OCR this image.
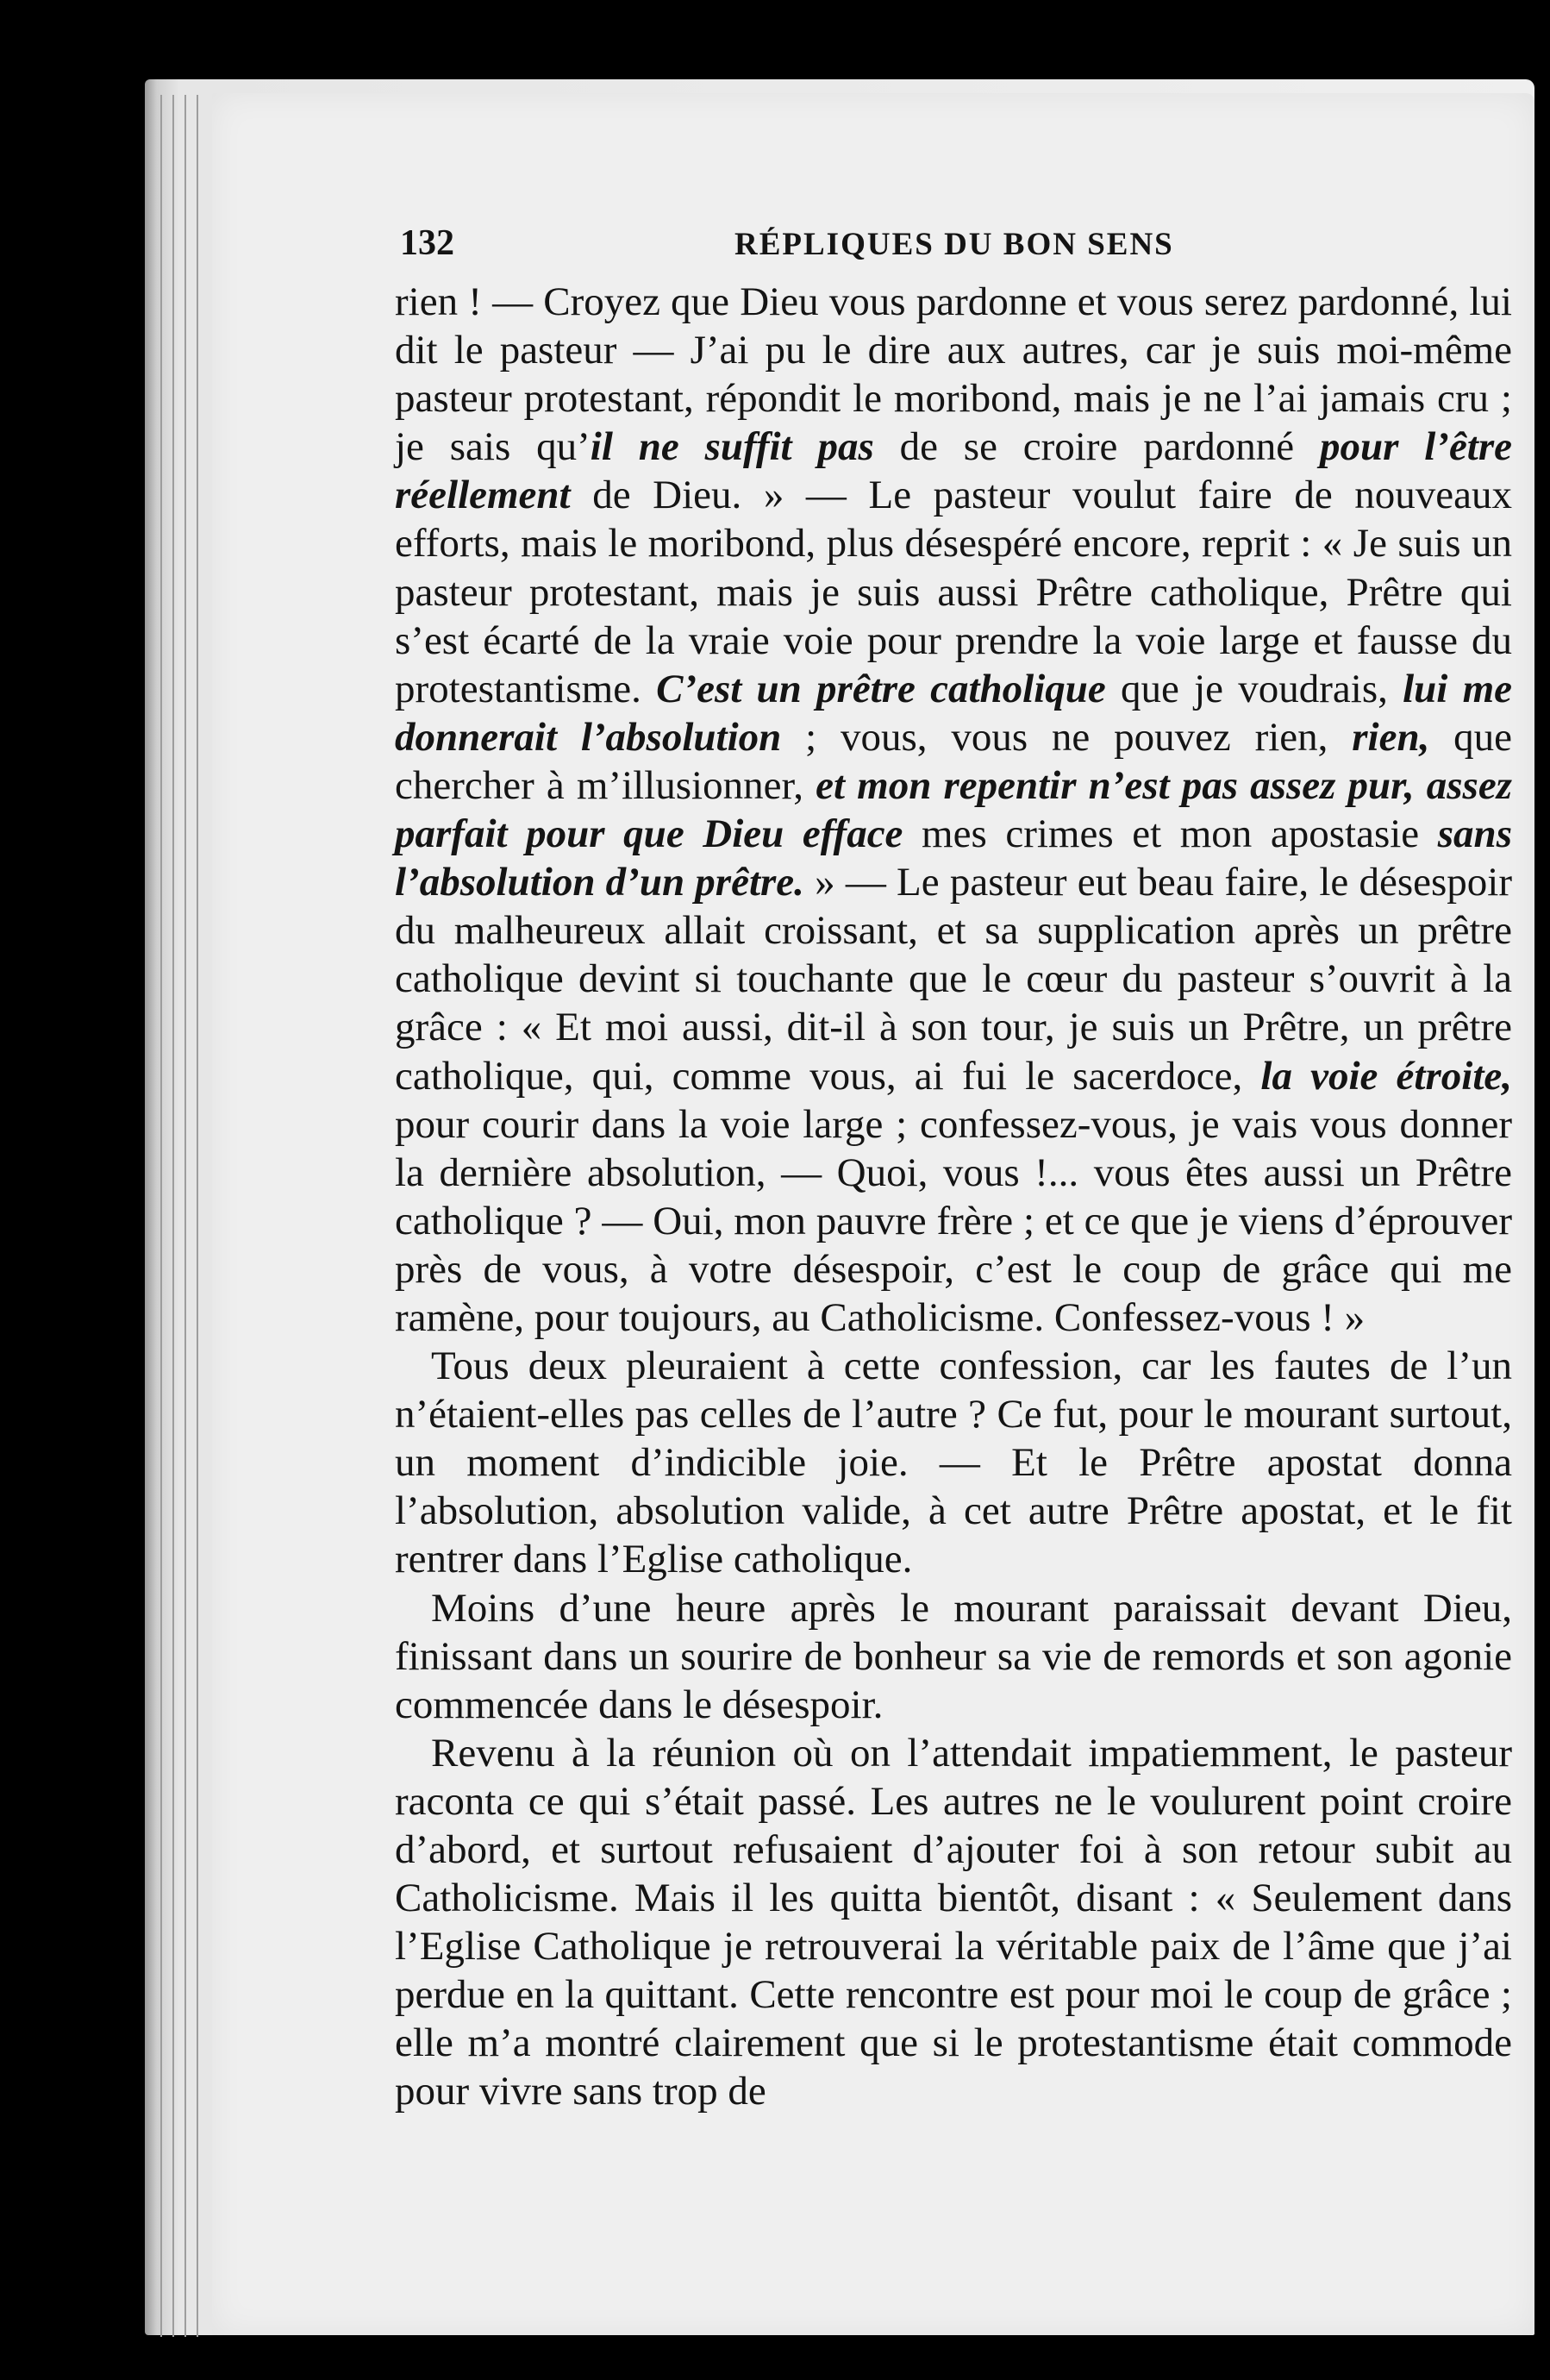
132	RÉPLIQUES DU BON SENS

rien ! — Croyez que Dieu vous pardonne et vous serez pardonné, lui dit le pasteur — J’ai pu le dire aux autres, car je suis moi-même pasteur protestant, répondit le moribond, mais je ne l’ai jamais cru ; je sais qu’il ne suffit pas de se croire pardonné pour l’être réellement de Dieu. » — Le pasteur voulut faire de nouveaux efforts, mais le moribond, plus désespéré encore, reprit : « Je suis un pasteur protestant, mais je suis aussi Prêtre catholique, Prêtre qui s’est écarté de la vraie voie pour prendre la voie large et fausse du protestantisme. C’est un prêtre catholique que je voudrais, lui me donnerait l’absolution ; vous, vous ne pouvez rien, rien, que chercher à m’illusionner, et mon repentir n’est pas assez pur, assez parfait pour que Dieu efface mes crimes et mon apostasie sans l’absolution d’un prêtre. » — Le pasteur eut beau faire, le désespoir du malheureux allait croissant, et sa supplication après un prêtre catholique devint si touchante que le cœur du pasteur s’ouvrit à la grâce : « Et moi aussi, dit-il à son tour, je suis un Prêtre, un prêtre catholique, qui, comme vous, ai fui le sacerdoce, la voie étroite, pour courir dans la voie large ; confessez-vous, je vais vous donner la dernière absolution, — Quoi, vous !... vous êtes aussi un Prêtre catholique ? — Oui, mon pauvre frère ; et ce que je viens d’éprouver près de vous, à votre désespoir, c’est le coup de grâce qui me ramène, pour toujours, au Catholicisme. Confessez-vous ! »

Tous deux pleuraient à cette confession, car les fautes de l’un n’étaient-elles pas celles de l’autre ? Ce fut, pour le mourant surtout, un moment d’indicible joie. — Et le Prêtre apostat donna l’absolution, absolution valide, à cet autre Prêtre apostat, et le fit rentrer dans l’Eglise catholique.

Moins d’une heure après le mourant paraissait devant Dieu, finissant dans un sourire de bonheur sa vie de remords et son agonie commencée dans le désespoir.

Revenu à la réunion où on l’attendait impatiemment, le pasteur raconta ce qui s’était passé. Les autres ne le voulurent point croire d’abord, et surtout refusaient d’ajouter foi à son retour subit au Catholicisme. Mais il les quitta bientôt, disant : « Seulement dans l’Eglise Catholique je retrouverai la véritable paix de l’âme que j’ai perdue en la quittant. Cette rencontre est pour moi le coup de grâce ; elle m’a montré clairement que si le protestantisme était commode pour vivre sans trop de
